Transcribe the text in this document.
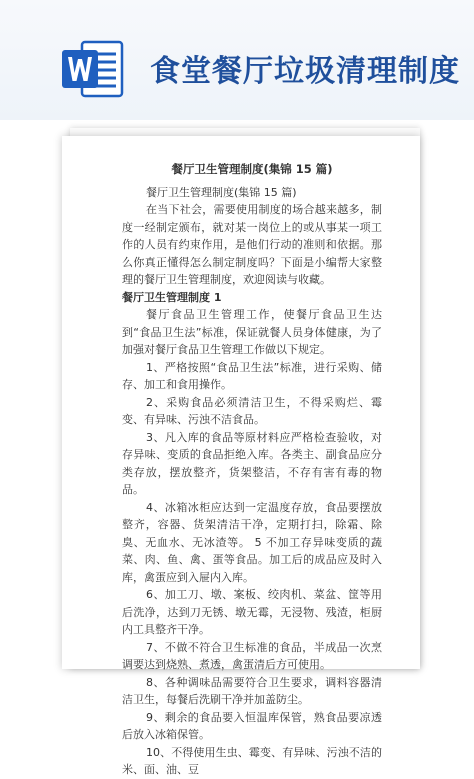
食堂餐厅垃圾清理制度

餐厅卫生管理制度(集锦 15 篇)

餐厅卫生管理制度(集锦 15 篇)

在当下社会，需要使用制度的场合越来越多，制度一经制定颁布，就对某一岗位上的或从事某一项工作的人员有约束作用，是他们行动的准则和依据。那么你真正懂得怎么制定制度吗？下面是小编帮大家整理的餐厅卫生管理制度，欢迎阅读与收藏。

餐厅卫生管理制度 1

餐厅食品卫生管理工作，使餐厅食品卫生达到“食品卫生法”标准，保证就餐人员身体健康，为了加强对餐厅食品卫生管理工作做以下规定。

1、严格按照“食品卫生法”标准，进行采购、储存、加工和食用操作。

2、采购食品必须清洁卫生，不得采购烂、霉变、有异味、污浊不洁食品。

3、凡入库的食品等原材料应严格检查验收，对存异味、变质的食品拒绝入库。各类主、副食品应分类存放，摆放整齐，货架整洁，不存有害有毒的物品。

4、冰箱冰柜应达到一定温度存放，食品要摆放整齐，容器、货架清洁干净，定期打扫，除霜、除臭、无血水、无冰渣等。 5 不加工存异味变质的蔬菜、肉、鱼、禽、蛋等食品。加工后的成品应及时入库，禽蛋应到入屉内入库。

6、加工刀、墩、案板、绞肉机、菜盆、筐等用后洗净，达到刀无锈、墩无霉，无浸物、残渣，柜厨内工具整齐干净。

7、不做不符合卫生标准的食品，半成品一次烹调要达到烧熟、煮透，禽蛋清后方可使用。

8、各种调味品需要符合卫生要求，调料容器清洁卫生，每餐后洗刷干净并加盖防尘。

9、剩余的食品要入恒温库保管，熟食品要凉透后放入冰箱保管。

10、不得使用生虫、霉变、有异味、污浊不洁的米、面、油、豆
